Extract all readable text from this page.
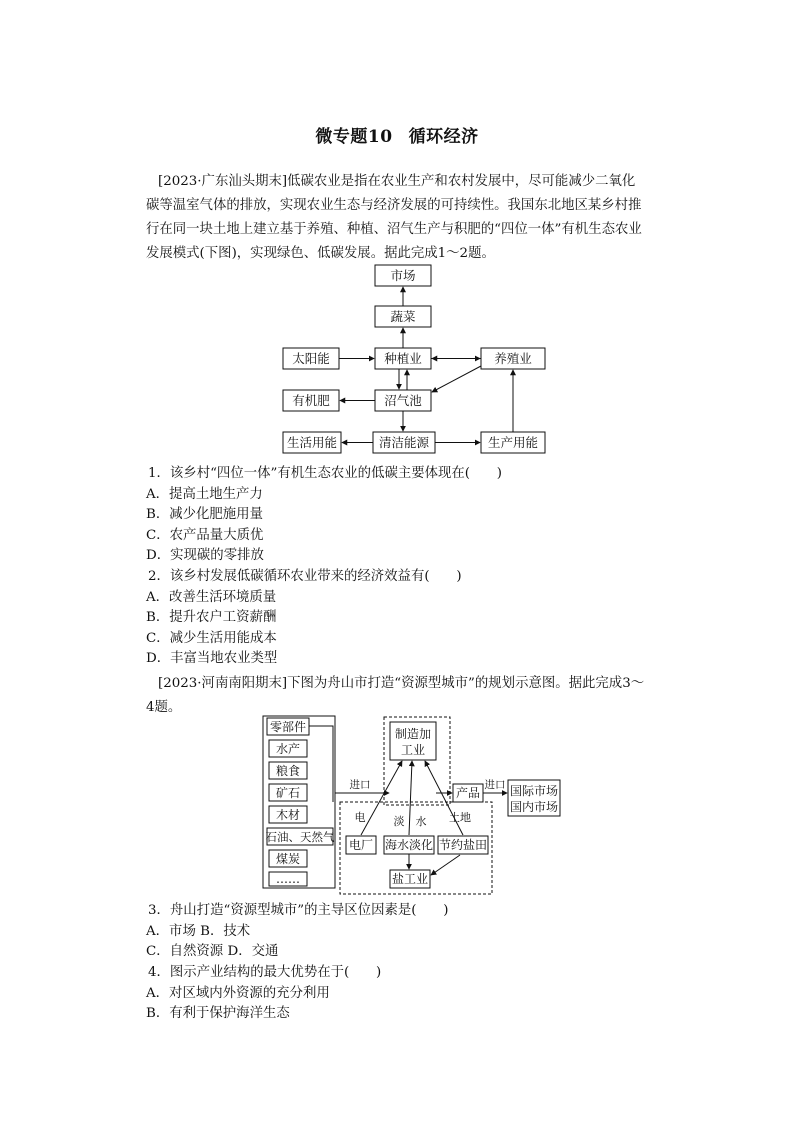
微专题10 循环经济
[2023·广东汕头期末]低碳农业是指在农业生产和农村发展中，尽可能减少二氧化碳等温室气体的排放，实现农业生态与经济发展的可持续性。我国东北地区某乡村推行在同一块土地上建立基于养殖、种植、沼气生产与积肥的“四位一体”有机生态农业发展模式(下图)，实现绿色、低碳发展。据此完成1～2题。
市场
蔬菜
太阳能	种植业	养殖业
有机肥	沼气池
生活用能	清洁能源	生产用能
1．该乡村“四位一体”有机生态农业的低碳主要体现在(　　)
A．提高土地生产力
B．减少化肥施用量
C．农产品量大质优
D．实现碳的零排放
2．该乡村发展低碳循环农业带来的经济效益有(　　)
A．改善生活环境质量
B．提升农户工资薪酬
C．减少生活用能成本
D．丰富当地农业类型
[2023·河南南阳期末]下图为舟山市打造“资源型城市”的规划示意图。据此完成3～4题。
零部件
水产
粮食
矿石
木材
石油、天然气
煤炭
……
进口
制造加
工业
产品
进口 国际市场
国内市场
电	淡 水 土地
电厂 海水淡化 节约盐田
盐工业
3．舟山打造“资源型城市”的主导区位因素是(　　)
A．市场 B．技术
C．自然资源 D．交通
4．图示产业结构的最大优势在于(　　)
A．对区域内外资源的充分利用
B．有利于保护海洋生态
